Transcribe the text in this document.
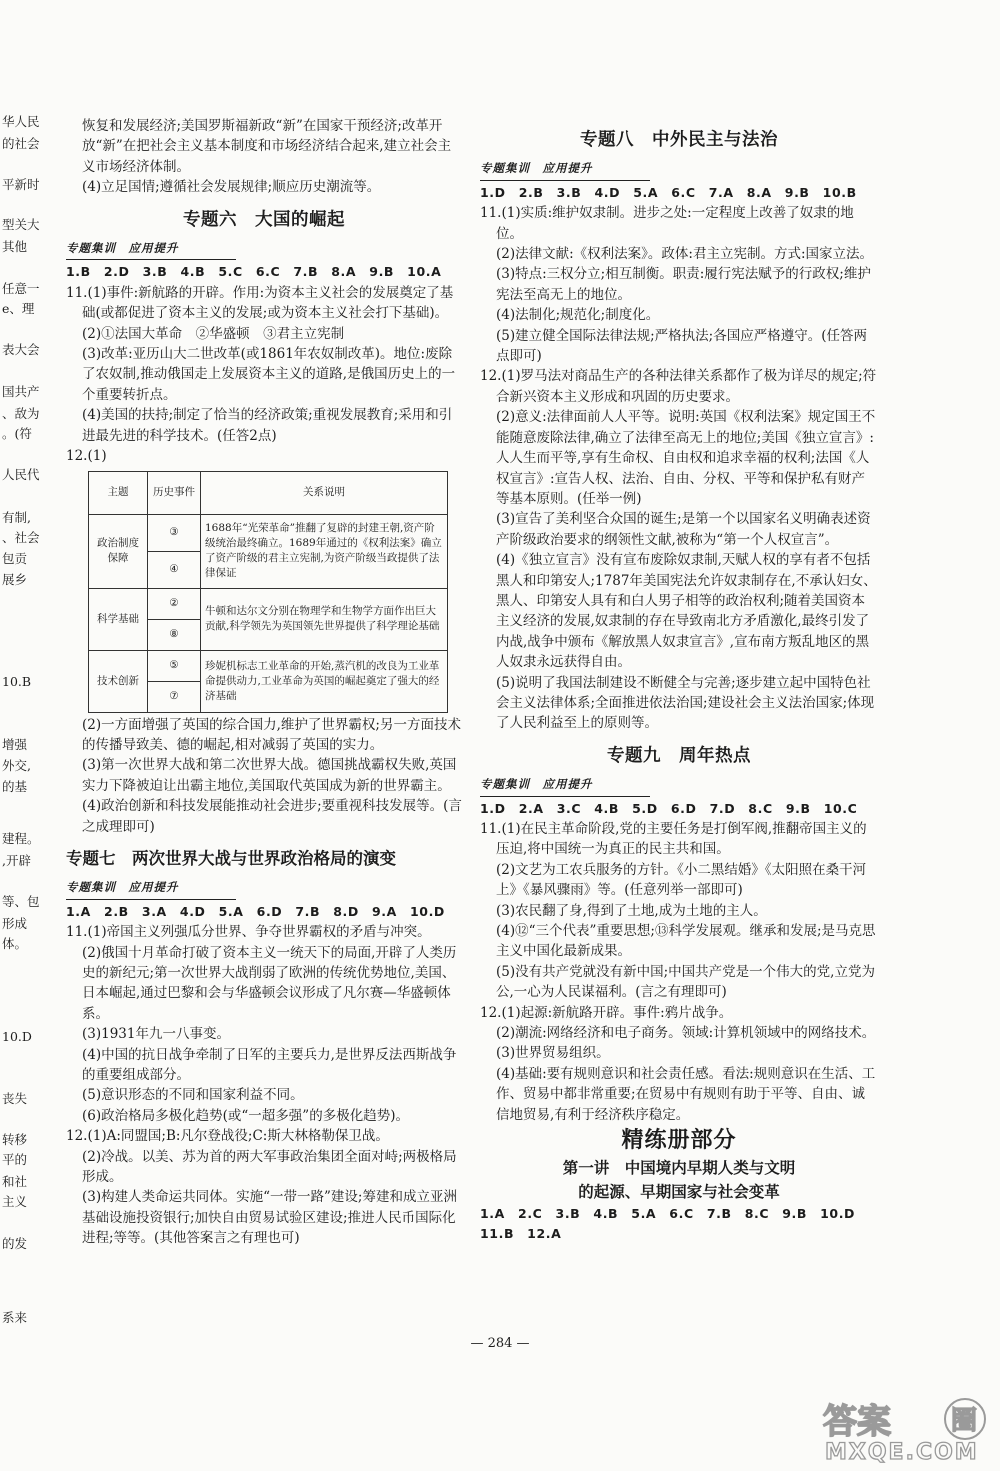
华人民
的社会
平新时
型关大
其他
任意一
e、理
表大会
国共产
、敌为
。(符
人民代
有制,
、社会
包贡
展乡
10.B
增强
外交,
的基
建程。
,开辟
等、包
形成
体。
10.D
丧失
转移
平的
和社
主义
的发
系来

恢复和发展经济;美国罗斯福新政“新”在国家干预经济;改革开放“新”在把社会主义基本制度和市场经济结合起来,建立社会主义市场经济体制。

(4)立足国情;遵循社会发展规律;顺应历史潮流等。

专题六　大国的崛起
专题集训　应用提升

1.B　2.D　3.B　4.B　5.C　6.C　7.B　8.A　9.B　10.A

11.(1)事件:新航路的开辟。作用:为资本主义社会的发展奠定了基础(或都促进了资本主义的发展;或为资本主义社会打下基础)。

(2)①法国大革命　②华盛顿　③君主立宪制

(3)改革:亚历山大二世改革(或1861年农奴制改革)。地位:废除了农奴制,推动俄国走上发展资本主义的道路,是俄国历史上的一个重要转折点。

(4)美国的扶持;制定了恰当的经济政策;重视发展教育;采用和引进最先进的科学技术。(任答2点)

12.(1)

主题	历史事件	关系说明
政治制度保障	③	1688年“光荣革命”推翻了复辟的封建王朝,资产阶级统治最终确立。1689年通过的《权利法案》确立了资产阶级的君主立宪制,为资产阶级当政提供了法律保证
	④	
科学基础	②	牛顿和达尔文分别在物理学和生物学方面作出巨大贡献,科学领先为英国领先世界提供了科学理论基础
	⑧	
技术创新	⑤	珍妮机标志工业革命的开始,蒸汽机的改良为工业革命提供动力,工业革命为英国的崛起奠定了强大的经济基础
	⑦	

(2)一方面增强了英国的综合国力,维护了世界霸权;另一方面技术的传播导致美、德的崛起,相对减弱了英国的实力。

(3)第一次世界大战和第二次世界大战。德国挑战霸权失败,英国实力下降被迫让出霸主地位,美国取代英国成为新的世界霸主。

(4)政治创新和科技发展能推动社会进步;要重视科技发展等。(言之成理即可)

专题七　两次世界大战与世界政治格局的演变
专题集训　应用提升

1.A　2.B　3.A　4.D　5.A　6.D　7.B　8.D　9.A　10.D

11.(1)帝国主义列强瓜分世界、争夺世界霸权的矛盾与冲突。

(2)俄国十月革命打破了资本主义一统天下的局面,开辟了人类历史的新纪元;第一次世界大战削弱了欧洲的传统优势地位,美国、日本崛起,通过巴黎和会与华盛顿会议形成了凡尔赛—华盛顿体系。

(3)1931年九一八事变。

(4)中国的抗日战争牵制了日军的主要兵力,是世界反法西斯战争的重要组成部分。

(5)意识形态的不同和国家利益不同。

(6)政治格局多极化趋势(或“一超多强”的多极化趋势)。

12.(1)A:同盟国;B:凡尔登战役;C:斯大林格勒保卫战。

(2)冷战。以美、苏为首的两大军事政治集团全面对峙;两极格局形成。

(3)构建人类命运共同体。实施“一带一路”建设;筹建和成立亚洲基础设施投资银行;加快自由贸易试验区建设;推进人民币国际化进程;等等。(其他答案言之有理也可)

专题八　中外民主与法治
专题集训　应用提升

1.D　2.B　3.B　4.D　5.A　6.C　7.A　8.A　9.B　10.B

11.(1)实质:维护奴隶制。进步之处:一定程度上改善了奴隶的地位。

(2)法律文献:《权利法案》。政体:君主立宪制。方式:国家立法。

(3)特点:三权分立;相互制衡。职责:履行宪法赋予的行政权;维护宪法至高无上的地位。

(4)法制化;规范化;制度化。

(5)建立健全国际法律法规;严格执法;各国应严格遵守。(任答两点即可)

12.(1)罗马法对商品生产的各种法律关系都作了极为详尽的规定;符合新兴资本主义形成和巩固的历史要求。

(2)意义:法律面前人人平等。说明:英国《权利法案》规定国王不能随意废除法律,确立了法律至高无上的地位;美国《独立宣言》:人人生而平等,享有生命权、自由权和追求幸福的权利;法国《人权宣言》:宣告人权、法治、自由、分权、平等和保护私有财产等基本原则。(任举一例)

(3)宣告了美利坚合众国的诞生;是第一个以国家名义明确表述资产阶级政治要求的纲领性文献,被称为“第一个人权宣言”。

(4)《独立宣言》没有宣布废除奴隶制,天赋人权的享有者不包括黑人和印第安人;1787年美国宪法允许奴隶制存在,不承认妇女、黑人、印第安人具有和白人男子相等的政治权利;随着美国资本主义经济的发展,奴隶制的存在导致南北方矛盾激化,最终引发了内战,战争中颁布《解放黑人奴隶宣言》,宣布南方叛乱地区的黑人奴隶永远获得自由。

(5)说明了我国法制建设不断健全与完善;逐步建立起中国特色社会主义法律体系;全面推进依法治国;建设社会主义法治国家;体现了人民利益至上的原则等。

专题九　周年热点
专题集训　应用提升

1.D　2.A　3.C　4.B　5.D　6.D　7.D　8.C　9.B　10.C

11.(1)在民主革命阶段,党的主要任务是打倒军阀,推翻帝国主义的压迫,将中国统一为真正的民主共和国。

(2)文艺为工农兵服务的方针。《小二黑结婚》《太阳照在桑干河上》《暴风骤雨》等。(任意列举一部即可)

(3)农民翻了身,得到了土地,成为土地的主人。

(4)⑫“三个代表”重要思想;⑬科学发展观。继承和发展;是马克思主义中国化最新成果。

(5)没有共产党就没有新中国;中国共产党是一个伟大的党,立党为公,一心为人民谋福利。(言之有理即可)

12.(1)起源:新航路开辟。事件:鸦片战争。

(2)潮流:网络经济和电子商务。领域:计算机领域中的网络技术。

(3)世界贸易组织。

(4)基础:要有规则意识和社会责任感。看法:规则意识在生活、工作、贸易中都非常重要;在贸易中有规则有助于平等、自由、诚信地贸易,有利于经济秩序稳定。

精练册部分
第一讲　中国境内早期人类与文明
的起源、早期国家与社会变革

1.A　2.C　3.B　4.B　5.A　6.C　7.B　8.C　9.B　10.D

11.B　12.A

— 284 —
答案 圈
MXQE.COM
